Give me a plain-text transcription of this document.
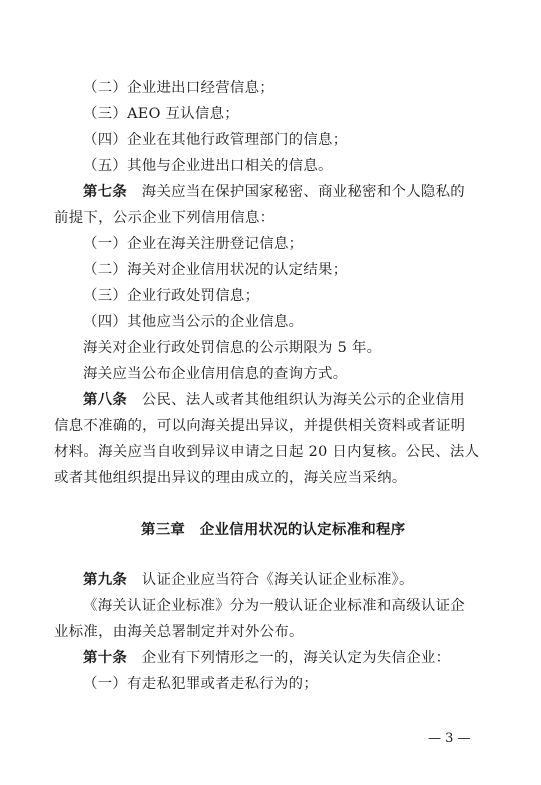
（二）企业进出口经营信息；
（三）AEO 互认信息；
（四）企业在其他行政管理部门的信息；
（五）其他与企业进出口相关的信息。
第七条　 海关应当在保护国家秘密、商业秘密和个人隐私的
前提下，公示企业下列信用信息：
（一）企业在海关注册登记信息；
（二）海关对企业信用状况的认定结果；
（三）企业行政处罚信息；
（四）其他应当公示的企业信息。
海关对企业行政处罚信息的公示期限为 5 年。
海关应当公布企业信用信息的查询方式。
第八条　 公民、法人或者其他组织认为海关公示的企业信用
信息不准确的，可以向海关提出异议，并提供相关资料或者证明
材料。海关应当自收到异议申请之日起 20 日内复核。公民、法人
或者其他组织提出异议的理由成立的，海关应当采纳。
第三章　企业信用状况的认定标准和程序
第九条　 认证企业应当符合《海关认证企业标准》。
《海关认证企业标准》分为一般认证企业标准和高级认证企
业标准，由海关总署制定并对外公布。
第十条　 企业有下列情形之一的，海关认定为失信企业：
（一）有走私犯罪或者走私行为的；
— 3 —
